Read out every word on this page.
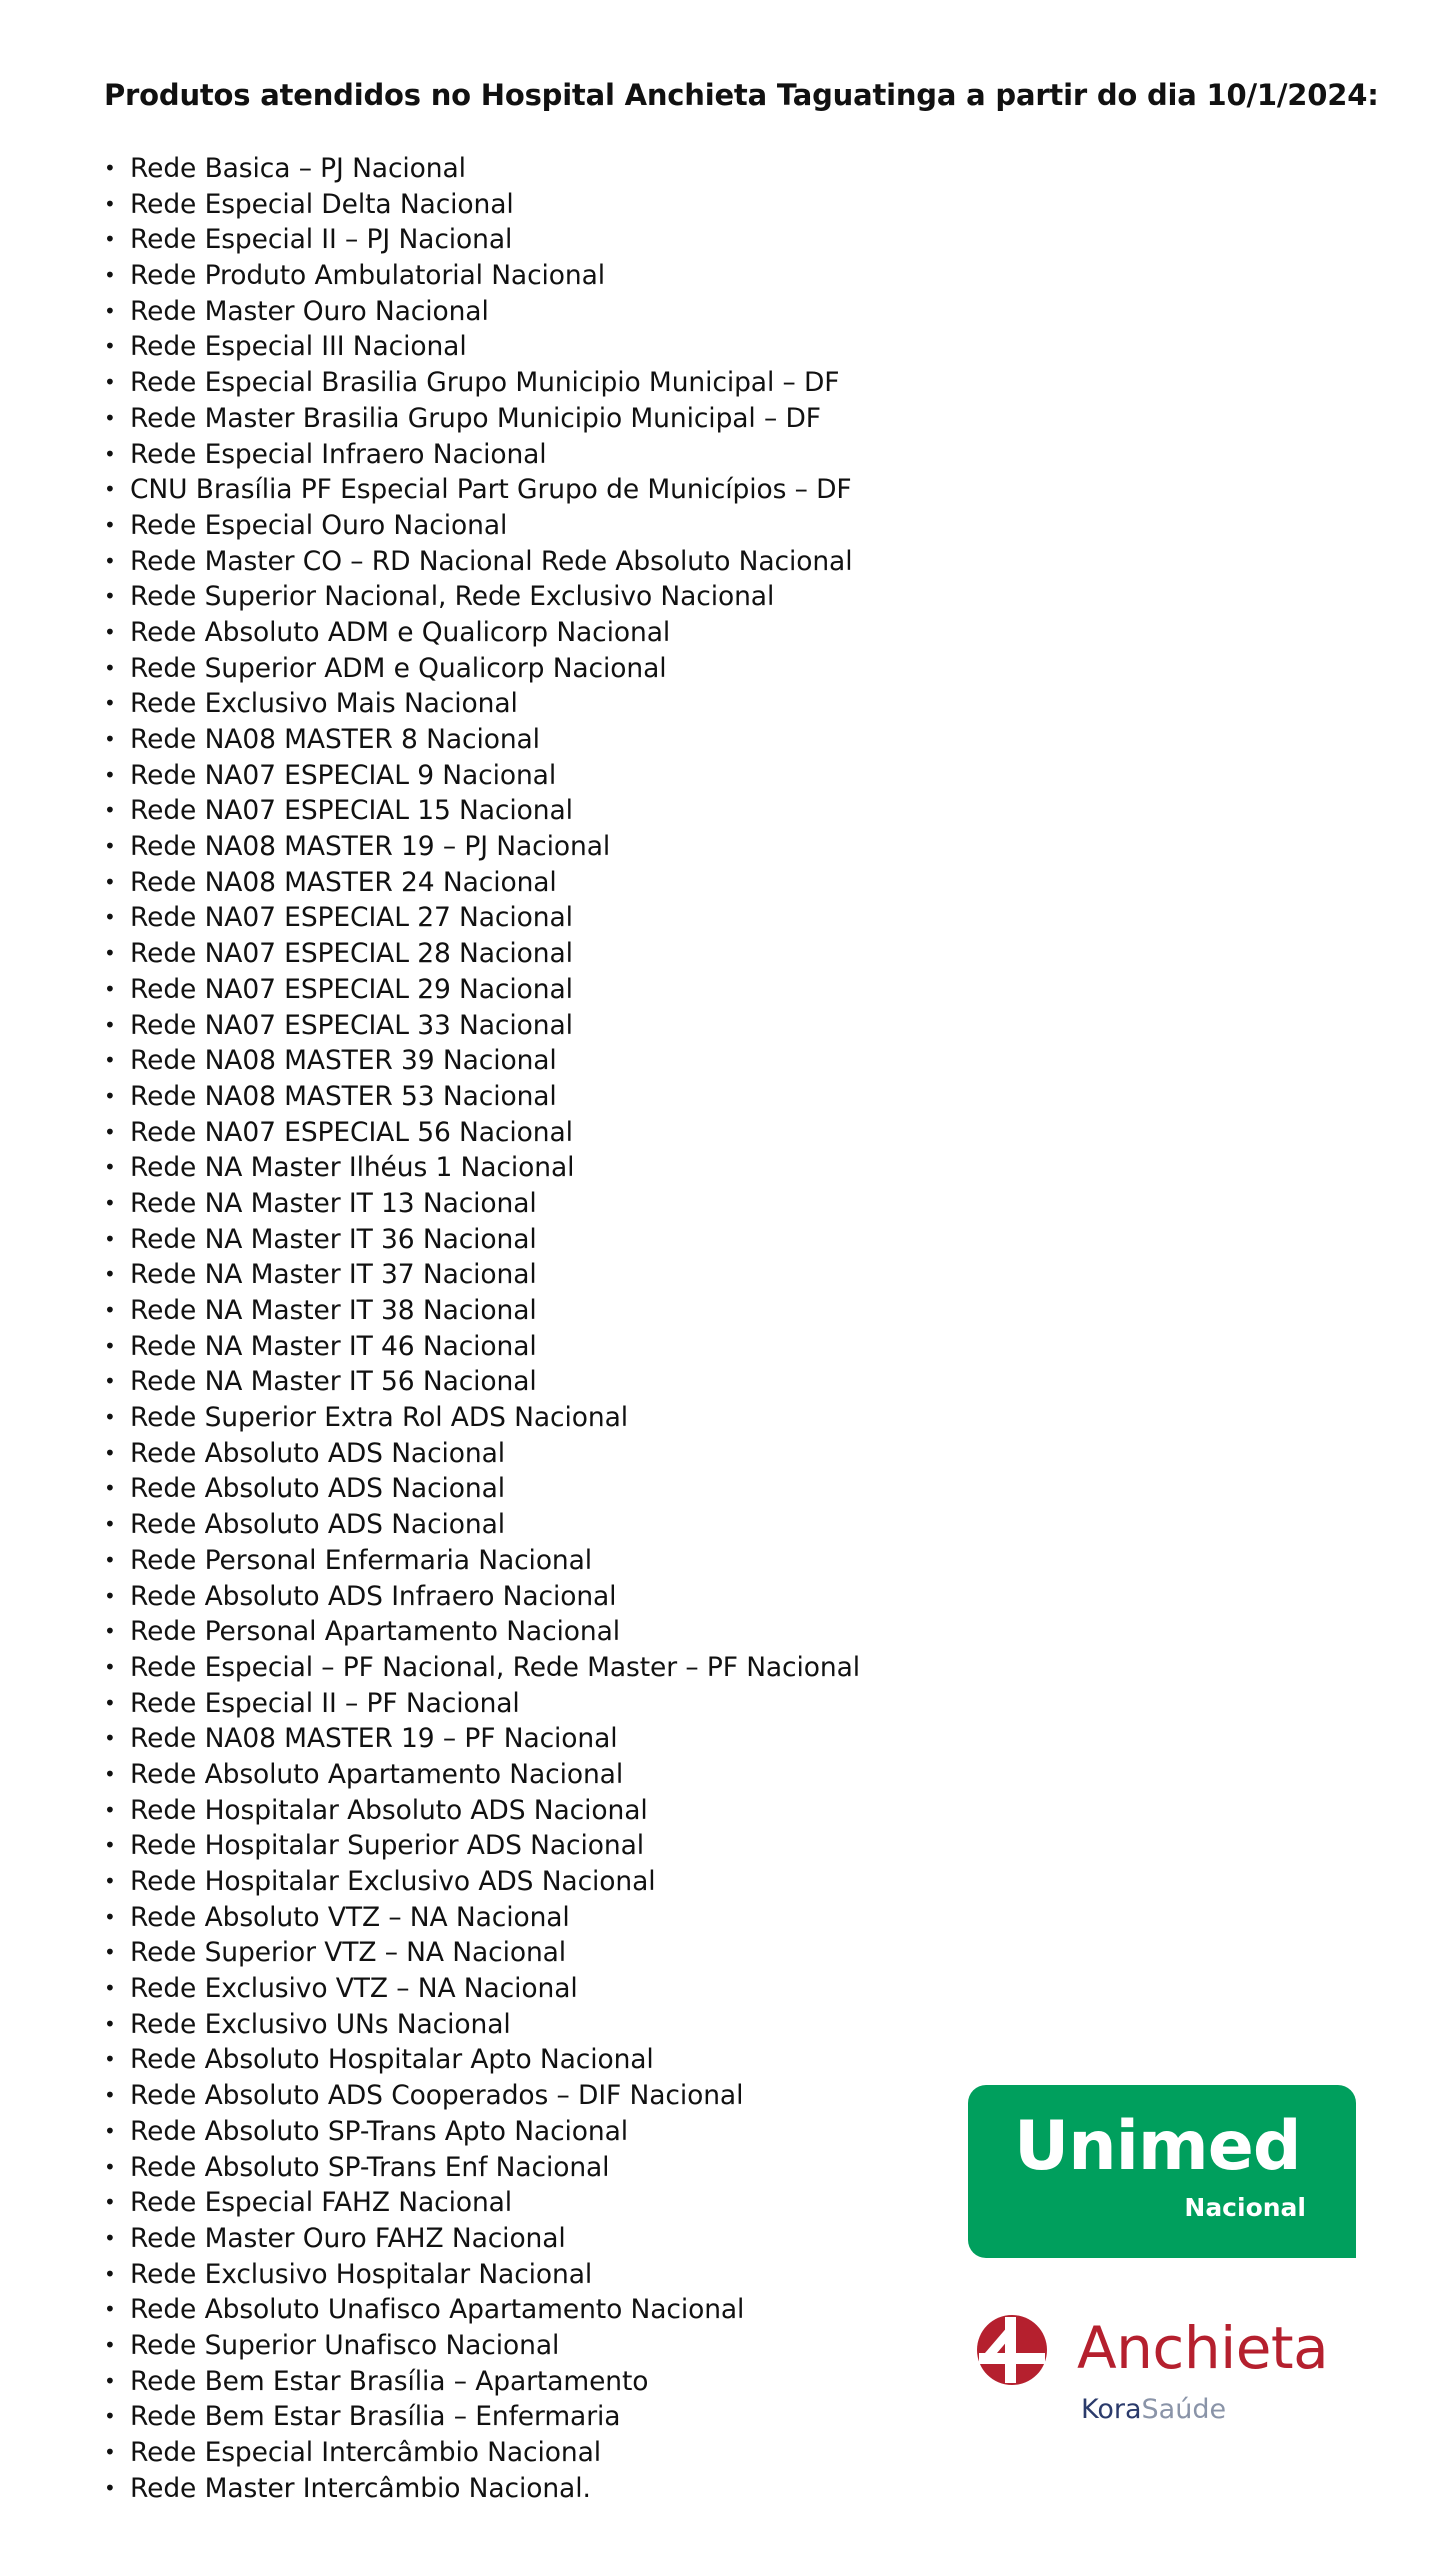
Produtos atendidos no Hospital Anchieta Taguatinga a partir do dia 10/1/2024:
• Rede Basica – PJ Nacional
• Rede Especial Delta Nacional
• Rede Especial II – PJ Nacional
• Rede Produto Ambulatorial Nacional
• Rede Master Ouro Nacional
• Rede Especial III Nacional
• Rede Especial Brasilia Grupo Municipio Municipal – DF
• Rede Master Brasilia Grupo Municipio Municipal – DF
• Rede Especial Infraero Nacional
• CNU Brasília PF Especial Part Grupo de Municípios – DF
• Rede Especial Ouro Nacional
• Rede Master CO – RD Nacional Rede Absoluto Nacional
• Rede Superior Nacional, Rede Exclusivo Nacional
• Rede Absoluto ADM e Qualicorp Nacional
• Rede Superior ADM e Qualicorp Nacional
• Rede Exclusivo Mais Nacional
• Rede NA08 MASTER 8 Nacional
• Rede NA07 ESPECIAL 9 Nacional
• Rede NA07 ESPECIAL 15 Nacional
• Rede NA08 MASTER 19 – PJ Nacional
• Rede NA08 MASTER 24 Nacional
• Rede NA07 ESPECIAL 27 Nacional
• Rede NA07 ESPECIAL 28 Nacional
• Rede NA07 ESPECIAL 29 Nacional
• Rede NA07 ESPECIAL 33 Nacional
• Rede NA08 MASTER 39 Nacional
• Rede NA08 MASTER 53 Nacional
• Rede NA07 ESPECIAL 56 Nacional
• Rede NA Master Ilhéus 1 Nacional
• Rede NA Master IT 13 Nacional
• Rede NA Master IT 36 Nacional
• Rede NA Master IT 37 Nacional
• Rede NA Master IT 38 Nacional
• Rede NA Master IT 46 Nacional
• Rede NA Master IT 56 Nacional
• Rede Superior Extra Rol ADS Nacional
• Rede Absoluto ADS Nacional
• Rede Absoluto ADS Nacional
• Rede Absoluto ADS Nacional
• Rede Personal Enfermaria Nacional
• Rede Absoluto ADS Infraero Nacional
• Rede Personal Apartamento Nacional
• Rede Especial – PF Nacional, Rede Master – PF Nacional
• Rede Especial II – PF Nacional
• Rede NA08 MASTER 19 – PF Nacional
• Rede Absoluto Apartamento Nacional
• Rede Hospitalar Absoluto ADS Nacional
• Rede Hospitalar Superior ADS Nacional
• Rede Hospitalar Exclusivo ADS Nacional
• Rede Absoluto VTZ – NA Nacional
• Rede Superior VTZ – NA Nacional
• Rede Exclusivo VTZ – NA Nacional
• Rede Exclusivo UNs Nacional
• Rede Absoluto Hospitalar Apto Nacional
• Rede Absoluto ADS Cooperados – DIF Nacional
• Rede Absoluto SP-Trans Apto Nacional
• Rede Absoluto SP-Trans Enf Nacional
• Rede Especial FAHZ Nacional
• Rede Master Ouro FAHZ Nacional
• Rede Exclusivo Hospitalar Nacional
• Rede Absoluto Unafisco Apartamento Nacional
• Rede Superior Unafisco Nacional
• Rede Bem Estar Brasília – Apartamento
• Rede Bem Estar Brasília – Enfermaria
• Rede Especial Intercâmbio Nacional
• Rede Master Intercâmbio Nacional.
Unimed
Nacional
Anchieta
KoraSaúde
